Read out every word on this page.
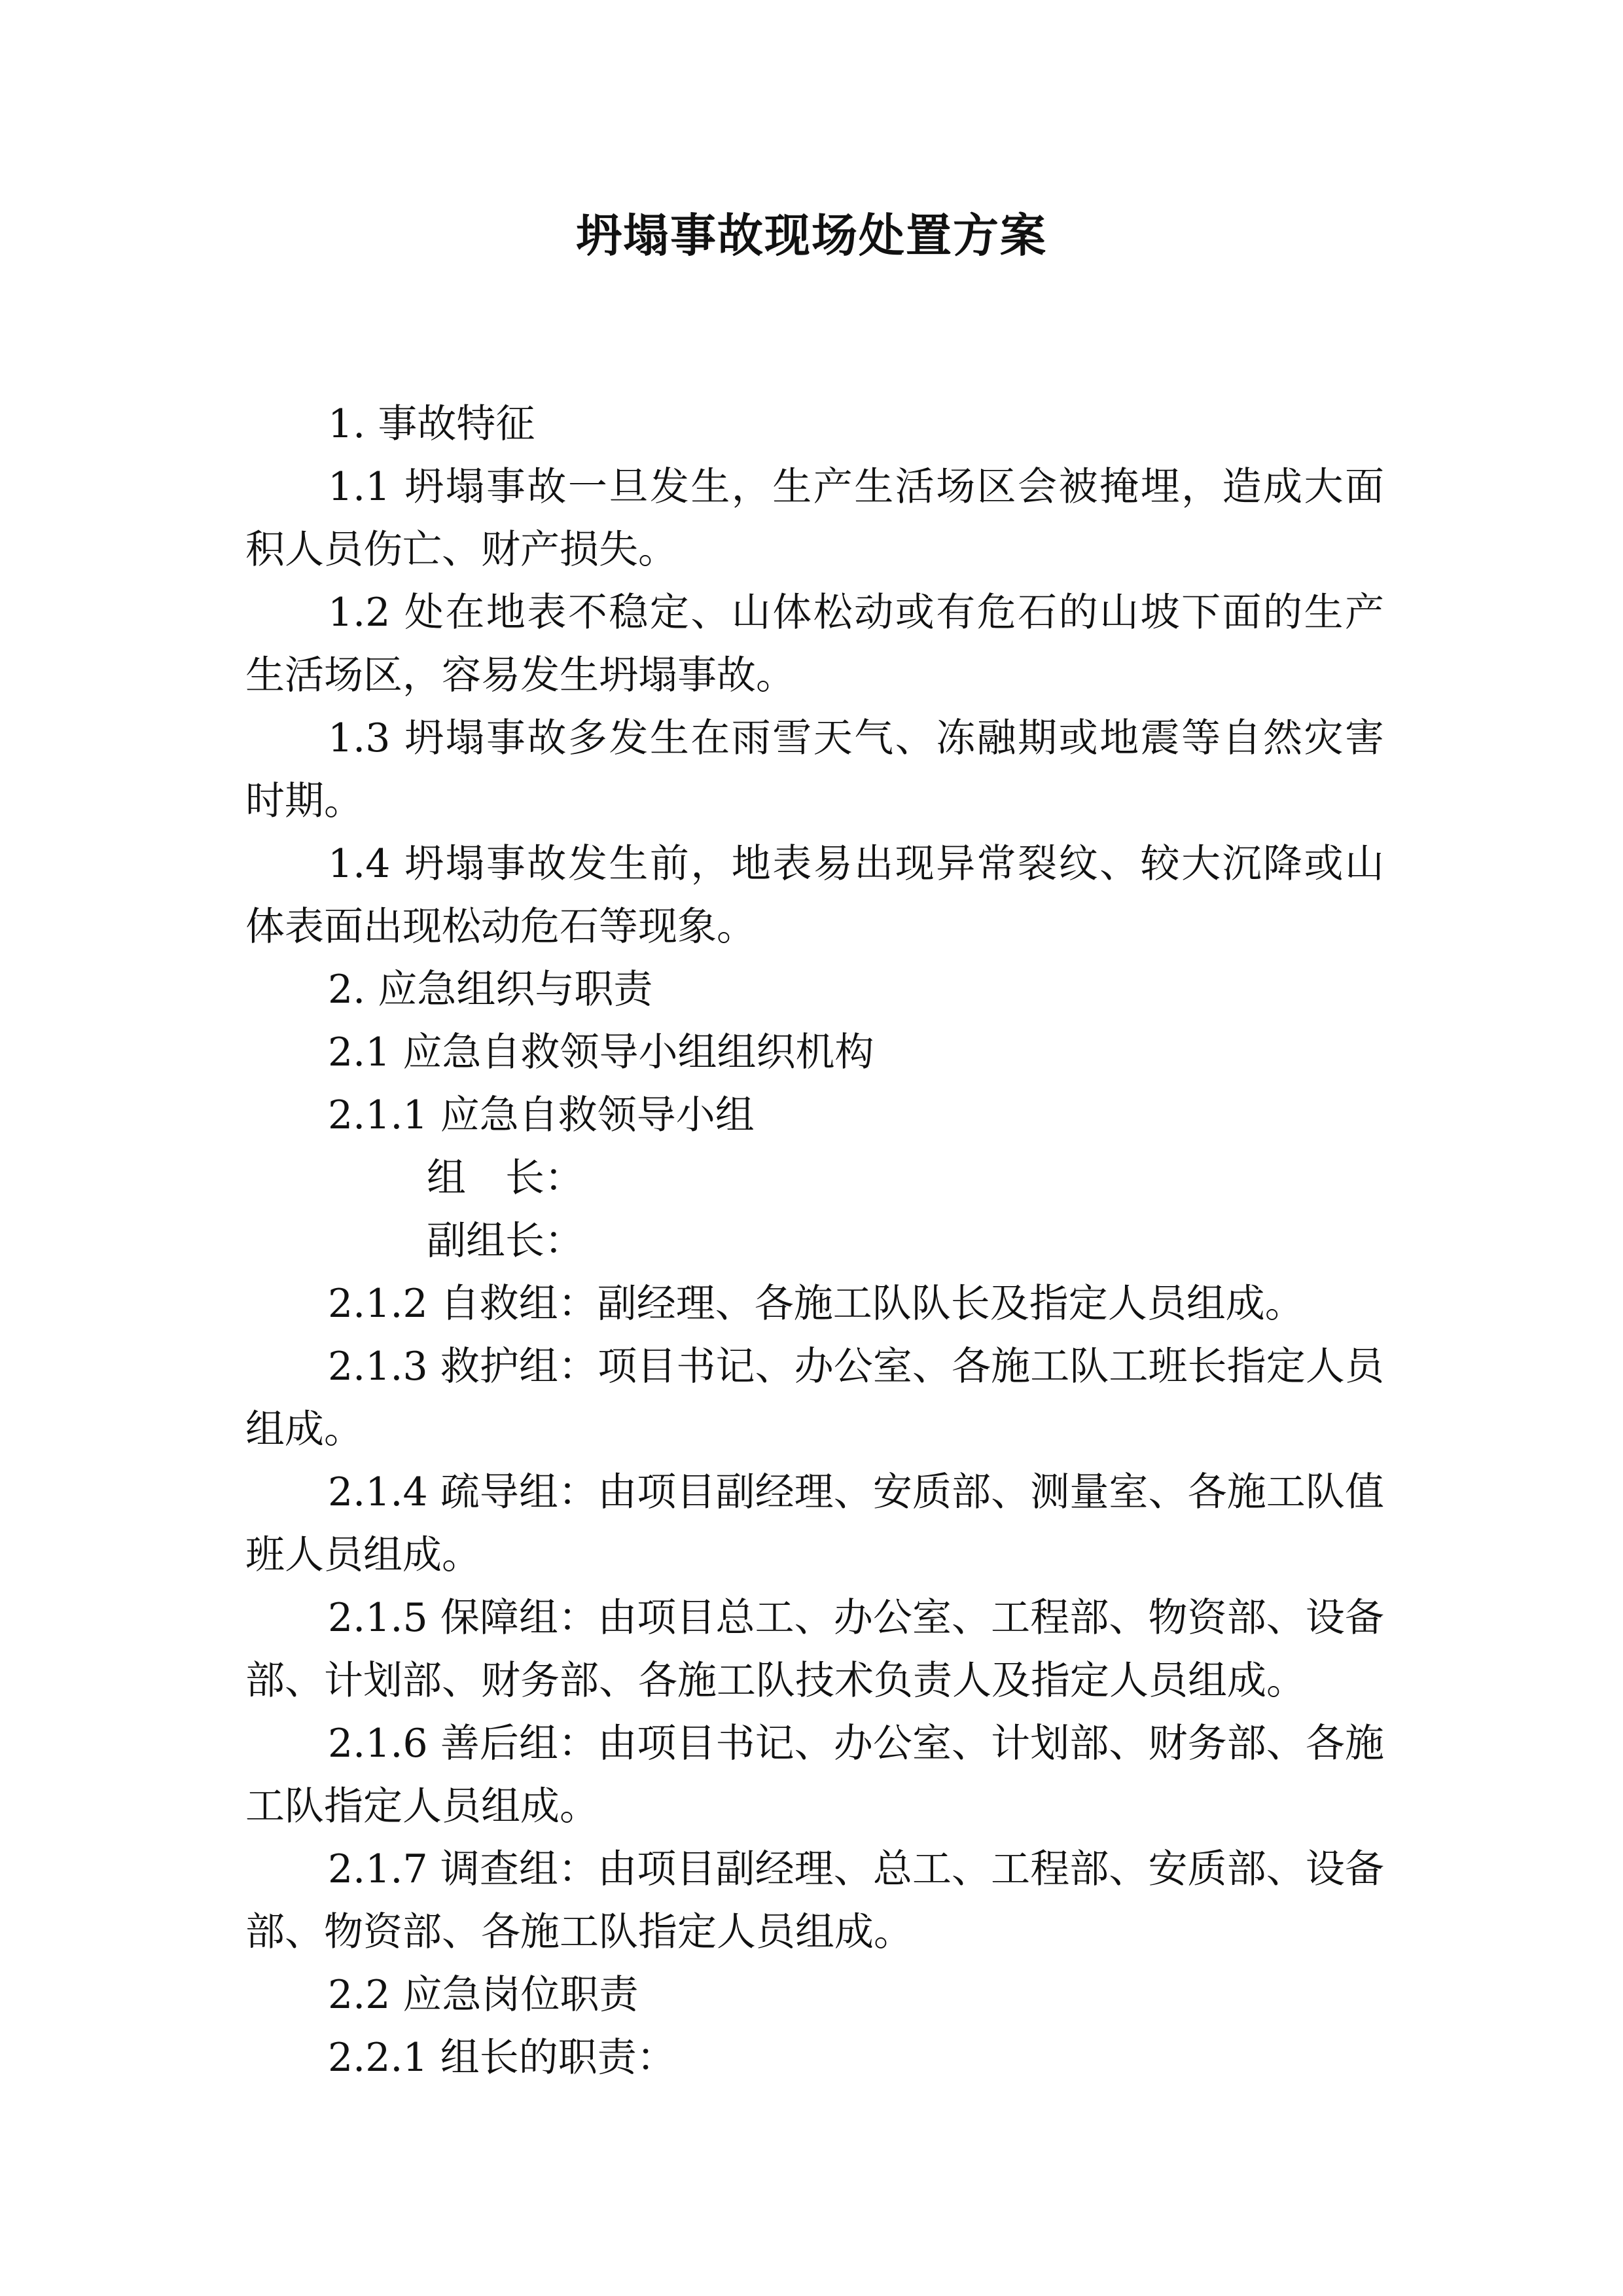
坍塌事故现场处置方案

1. 事故特征

1.1 坍塌事故一旦发生，生产生活场区会被掩埋，造成大面积人员伤亡、财产损失。

1.2 处在地表不稳定、山体松动或有危石的山坡下面的生产生活场区，容易发生坍塌事故。

1.3 坍塌事故多发生在雨雪天气、冻融期或地震等自然灾害时期。

1.4 坍塌事故发生前，地表易出现异常裂纹、较大沉降或山体表面出现松动危石等现象。

2. 应急组织与职责

2.1 应急自救领导小组组织机构

2.1.1 应急自救领导小组

组　长：

副组长：

2.1.2 自救组：副经理、各施工队队长及指定人员组成。

2.1.3 救护组：项目书记、办公室、各施工队工班长指定人员组成。

2.1.4 疏导组：由项目副经理、安质部、测量室、各施工队值班人员组成。

2.1.5 保障组：由项目总工、办公室、工程部、物资部、设备部、计划部、财务部、各施工队技术负责人及指定人员组成。

2.1.6 善后组：由项目书记、办公室、计划部、财务部、各施工队指定人员组成。

2.1.7 调查组：由项目副经理、总工、工程部、安质部、设备部、物资部、各施工队指定人员组成。

2.2 应急岗位职责

2.2.1 组长的职责：
